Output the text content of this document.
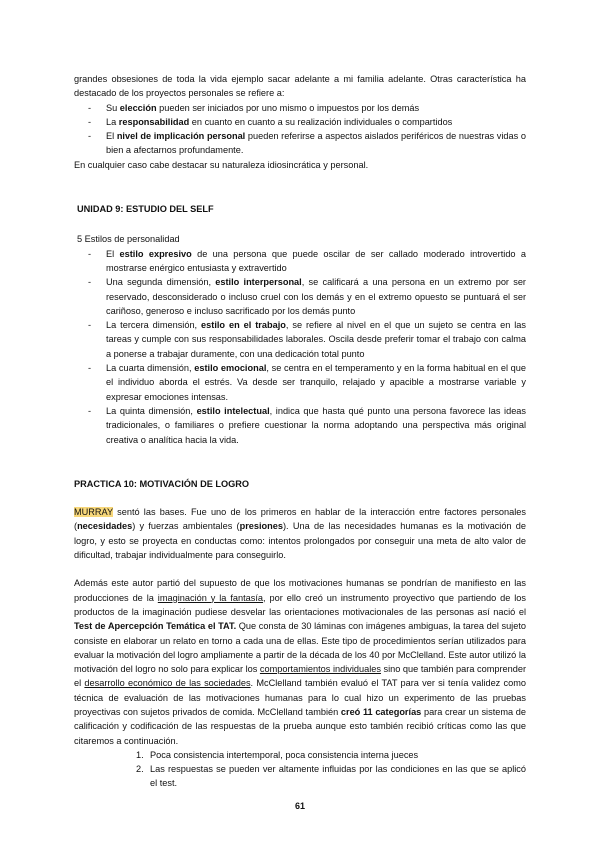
grandes obsesiones de toda la vida ejemplo sacar adelante a mi familia adelante. Otras característica ha destacado de los proyectos personales se refiere a:

- Su elección pueden ser iniciados por uno mismo o impuestos por los demás
- La responsabilidad en cuanto en cuanto a su realización individuales o compartidos
- El nivel de implicación personal pueden referirse a aspectos aislados periféricos de nuestras vidas o bien a afectarnos profundamente.

En cualquier caso cabe destacar su naturaleza idiosincrática y personal.

UNIDAD 9: ESTUDIO DEL SELF

5 Estilos de personalidad

- El estilo expresivo de una persona que puede oscilar de ser callado moderado introvertido a mostrarse enérgico entusiasta y extravertido
- Una segunda dimensión, estilo interpersonal, se calificará a una persona en un extremo por ser reservado, desconsiderado o incluso cruel con los demás y en el extremo opuesto se puntuará el ser cariñoso, generoso e incluso sacrificado por los demás punto
- La tercera dimensión, estilo en el trabajo, se refiere al nivel en el que un sujeto se centra en las tareas y cumple con sus responsabilidades laborales. Oscila desde preferir tomar el trabajo con calma a ponerse a trabajar duramente, con una dedicación total punto
- La cuarta dimensión, estilo emocional, se centra en el temperamento y en la forma habitual en el que el individuo aborda el estrés. Va desde ser tranquilo, relajado y apacible a mostrarse variable y expresar emociones intensas.
- La quinta dimensión, estilo intelectual, indica que hasta qué punto una persona favorece las ideas tradicionales, o familiares o prefiere cuestionar la norma adoptando una perspectiva más original creativa o analítica hacia la vida.

PRACTICA 10: MOTIVACIÓN DE LOGRO

MURRAY sentó las bases. Fue uno de los primeros en hablar de la interacción entre factores personales (necesidades) y fuerzas ambientales (presiones). Una de las necesidades humanas es la motivación de logro, y esto se proyecta en conductas como: intentos prolongados por conseguir una meta de alto valor de dificultad, trabajar individualmente para conseguirlo.

Además este autor partió del supuesto de que los motivaciones humanas se pondrían de manifiesto en las producciones de la imaginación y la fantasía, por ello creó un instrumento proyectivo que partiendo de los productos de la imaginación pudiese desvelar las orientaciones motivacionales de las personas así nació el Test de Apercepción Temática el TAT. Que consta de 30 láminas con imágenes ambiguas, la tarea del sujeto consiste en elaborar un relato en torno a cada una de ellas. Este tipo de procedimientos serían utilizados para evaluar la motivación del logro ampliamente a partir de la década de los 40 por McClelland. Este autor utilizó la motivación del logro no solo para explicar los comportamientos individuales sino que también para comprender el desarrollo económico de las sociedades. McClelland también evaluó el TAT para ver si tenía validez como técnica de evaluación de las motivaciones humanas para lo cual hizo un experimento de las pruebas proyectivas con sujetos privados de comida. McClelland también creó 11 categorías para crear un sistema de calificación y codificación de las respuestas de la prueba aunque esto también recibió críticas como las que citaremos a continuación.

1. Poca consistencia intertemporal, poca consistencia interna jueces
2. Las respuestas se pueden ver altamente influidas por las condiciones en las que se aplicó el test.
61
